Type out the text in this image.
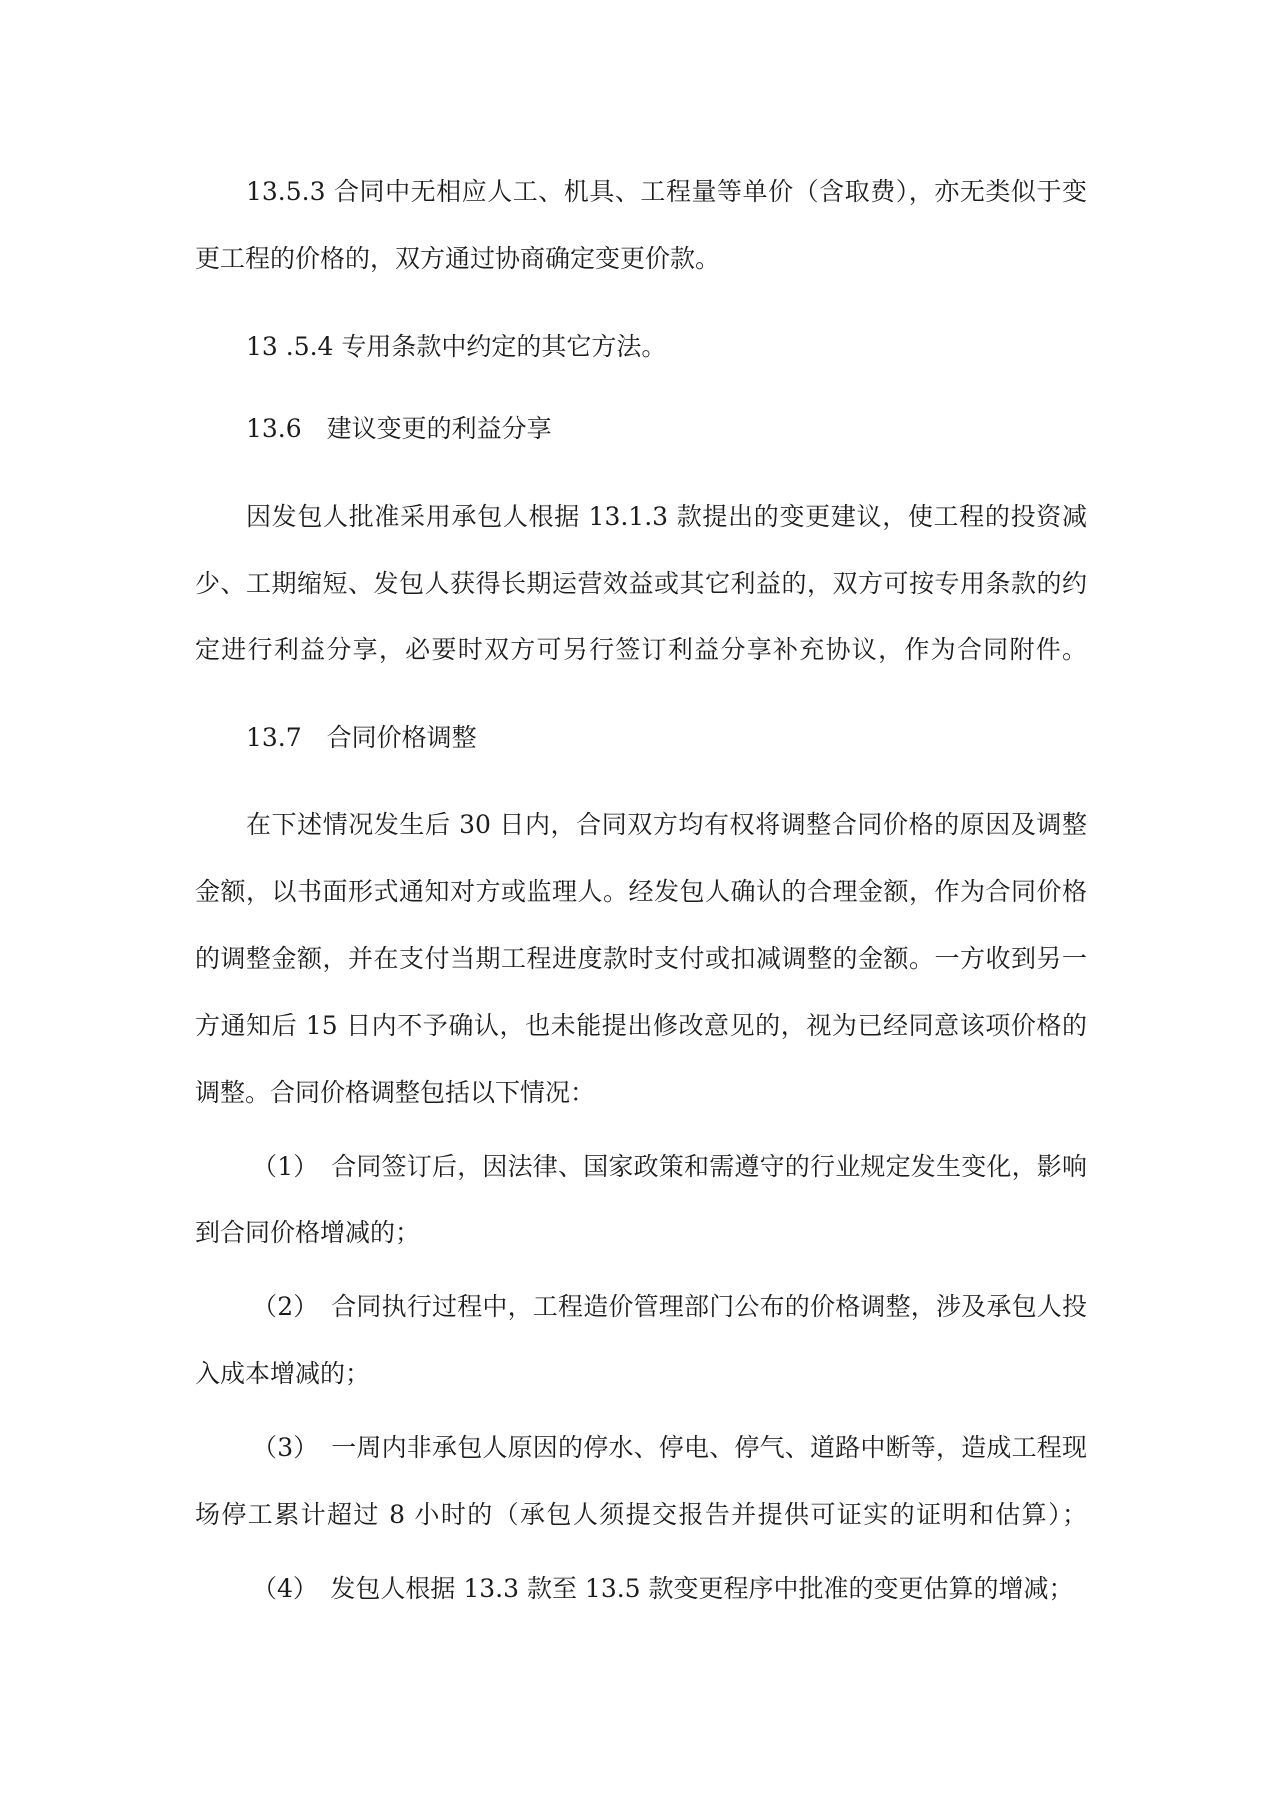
13.5.3 合同中无相应人工、机具、工程量等单价（含取费），亦无类似于变
更工程的价格的，双方通过协商确定变更价款。
13 .5.4 专用条款中约定的其它方法。
13.6　建议变更的利益分享
因发包人批准采用承包人根据 13.1.3 款提出的变更建议，使工程的投资减
少、工期缩短、发包人获得长期运营效益或其它利益的，双方可按专用条款的约
定进行利益分享，必要时双方可另行签订利益分享补充协议，作为合同附件。
13.7　合同价格调整
在下述情况发生后 30 日内，合同双方均有权将调整合同价格的原因及调整
金额，以书面形式通知对方或监理人。经发包人确认的合理金额，作为合同价格
的调整金额，并在支付当期工程进度款时支付或扣减调整的金额。一方收到另一
方通知后 15 日内不予确认，也未能提出修改意见的，视为已经同意该项价格的
调整。合同价格调整包括以下情况：
（1）　合同签订后，因法律、国家政策和需遵守的行业规定发生变化，影响
到合同价格增减的；
（2）　合同执行过程中，工程造价管理部门公布的价格调整，涉及承包人投
入成本增减的；
（3）　一周内非承包人原因的停水、停电、停气、道路中断等，造成工程现
场停工累计超过 8 小时的（承包人须提交报告并提供可证实的证明和估算）；
（4）　发包人根据 13.3 款至 13.5 款变更程序中批准的变更估算的增减；
